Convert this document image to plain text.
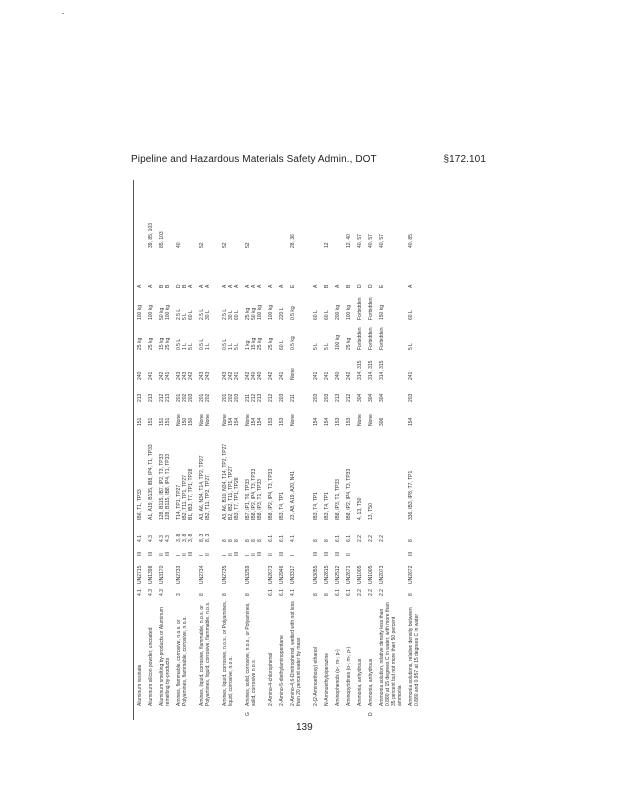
Pipeline and Hazardous Materials Safety Admin., DOT	§172.101
Aluminum resinate
4.1
UN2715
III
4.1
IB6, T1, TP33
151
213
240
25 kg
100 kg
A
Aluminum silicon powder, uncoated
4.3
UN1398
III
4.3
A1, A19, B135, IB8, IP4, T1, TP33
151
213
241
25 kg
100 kg
A
39, 85, 103
Aluminum smelting by-products or Aluminum remelting by-products
4.3
UN3170
II
III
4.3
4.3
128, B115, IB7, IP2, T3, TP33
128, B115, IB8, IP4, T1, TP33
151
151
212
213
242
241
15 kg
25 kg
50 kg
100 kg
B
B
85, 103
Amines, flammable, corrosive, n.o.s. or Polyamines, flammable, corrosive, n.o.s.
3
UN2733
I
II
III
3, 8
3, 8
3, 8
T14, TP1, TP27
IB2, T11, TP1, TP27
B1, IB3, T7, TP1, TP28
None
150
150
201
202
203
243
243
242
0.5 L
1 L
5 L
2.5 L
5 L
60 L
D
B
A
40
Amines, liquid, corrosive, flammable, n.o.s. or Polyamines, liquid, corrosive, flammable, n.o.s.
8
UN2734
I
II
8, 3
8, 3
A3, A6, N34, T14, TP2, TP27
IB2, T11, TP2, TP27
None
None
201
202
243
243
0.5 L
1 L
2.5 L
30 L
A
A
52
Amines, liquid, corrosive, n.o.s., or Polyamines, liquid, corrosive, n.o.s.
8
UN2735
I
II
III
8
8
8
A3, A6, B10, N34, T14, TP2, TP27
B2, IB2, T11, TP1, TP27
IB3, T7, TP1, TP28
None
154
154
201
202
203
243
242
241
0.5 L
1 L
5 L
2.5 L
30 L
60 L
A
A
A
52
G
Amines, solid, corrosive, n.o.s., or Polyamines, solid, corrosive n.o.s.
8
UN3259
I
II
III
8
8
8
IB7, IP1, T6, TP33
IB8, IP2, IP4, T3, TP33
IB8, IP3, T1, TP33
None
154
154
211
212
213
242
240
240
1 kg
15 kg
25 kg
25 kg
50 kg
100 kg
A
A
A
52
2-Amino-4-chlorophenol
6.1
UN2673
II
6.1
IB8, IP2, IP4, T3, TP33
153
212
242
25 kg
100 kg
A
2-Amino-5-diethylaminopentane
6.1
UN2946
III
6.1
IB3, T4, TP1
153
203
241
60 L
220 L
A
2-Amino-4,6-Dinitrophenol, wetted with not less than 20 percent water by mass
4.1
UN3317
I
4.1
23, A8, A19, A20, N41
None
211
None
0.5 kg
0.5 kg
E
28, 36
2-(2-Aminoethoxy) ethanol
8
UN3055
III
8
IB3, T4, TP1
154
203
241
5 L
60 L
A
N-Aminoethylpiperazine
8
UN2815
III
8
IB3, T4, TP1
154
203
241
5 L
60 L
B
12
Aminophenols (o-; m-; p-)
6.1
UN2512
III
6.1
IB8, IP3, T1, TP33
153
213
240
100 kg
200 kg
A
Aminopyridines (o-; m-; p-)
6.1
UN2671
II
6.1
IB8, IP2, IP4, T3, TP33
153
212
242
25 kg
100 kg
B
12, 40
Ammonia, anhydrous
2.2
UN1005
2.2
4, 13, T50
None
304
314, 315
Forbidden
Forbidden
D
40, 57
D
Ammonia, anhydrous
2.2
UN1005
2.2
13, T50
None
304
314, 315
Forbidden
Forbidden
D
40, 57
Ammonia solution, relative density less than 0.880 at 15 degrees C in water, with more than 35 percent but not more than 50 percent ammonia
2.2
UN2073
2.2
306
304
314, 315
Forbidden
150 kg
E
40, 57
Ammonia solutions, relative density between 0.880 and 0.957 at 15 degrees C in water
8
UN2672
III
8
336, IB3, IP8, T7, TP1
154
203
241
5 L
60 L
A
40, 85
139
